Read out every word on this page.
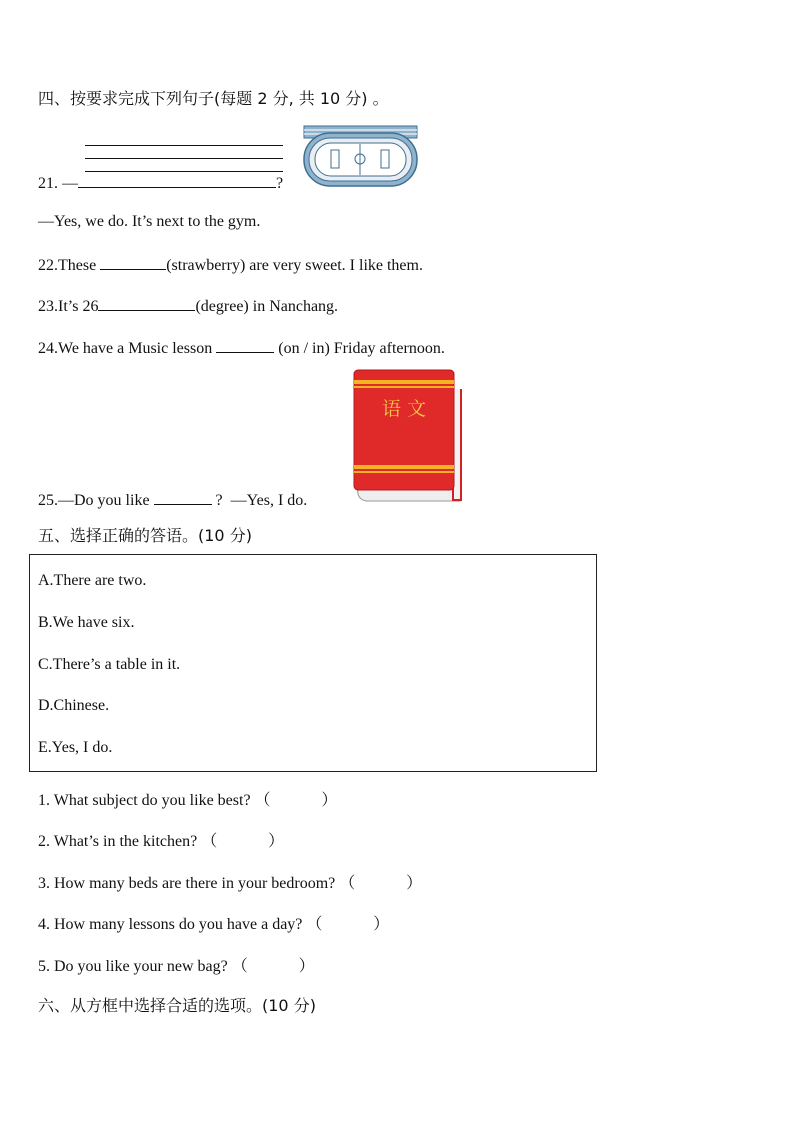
四、按要求完成下列句子(每题 2 分, 共 10 分) 。
21. —	?
—Yes, we do. It’s next to the gym.
22.These	(strawberry) are very sweet. I like them.
23.It’s 26	(degree) in Nanchang.
24.We have a Music lesson	(on / in) Friday afternoon.
语 文
25.—Do you like	? —Yes, I do.
五、选择正确的答语。(10 分)
A.There are two.
B.We have six.
C.There’s a table in it.
D.Chinese.
E.Yes, I do.
1. What subject do you like best? （          ）
2. What’s in the kitchen? （          ）
3. How many beds are there in your bedroom? （          ）
4. How many lessons do you have a day? （          ）
5. Do you like your new bag? （          ）
六、从方框中选择合适的选项。(10 分)
